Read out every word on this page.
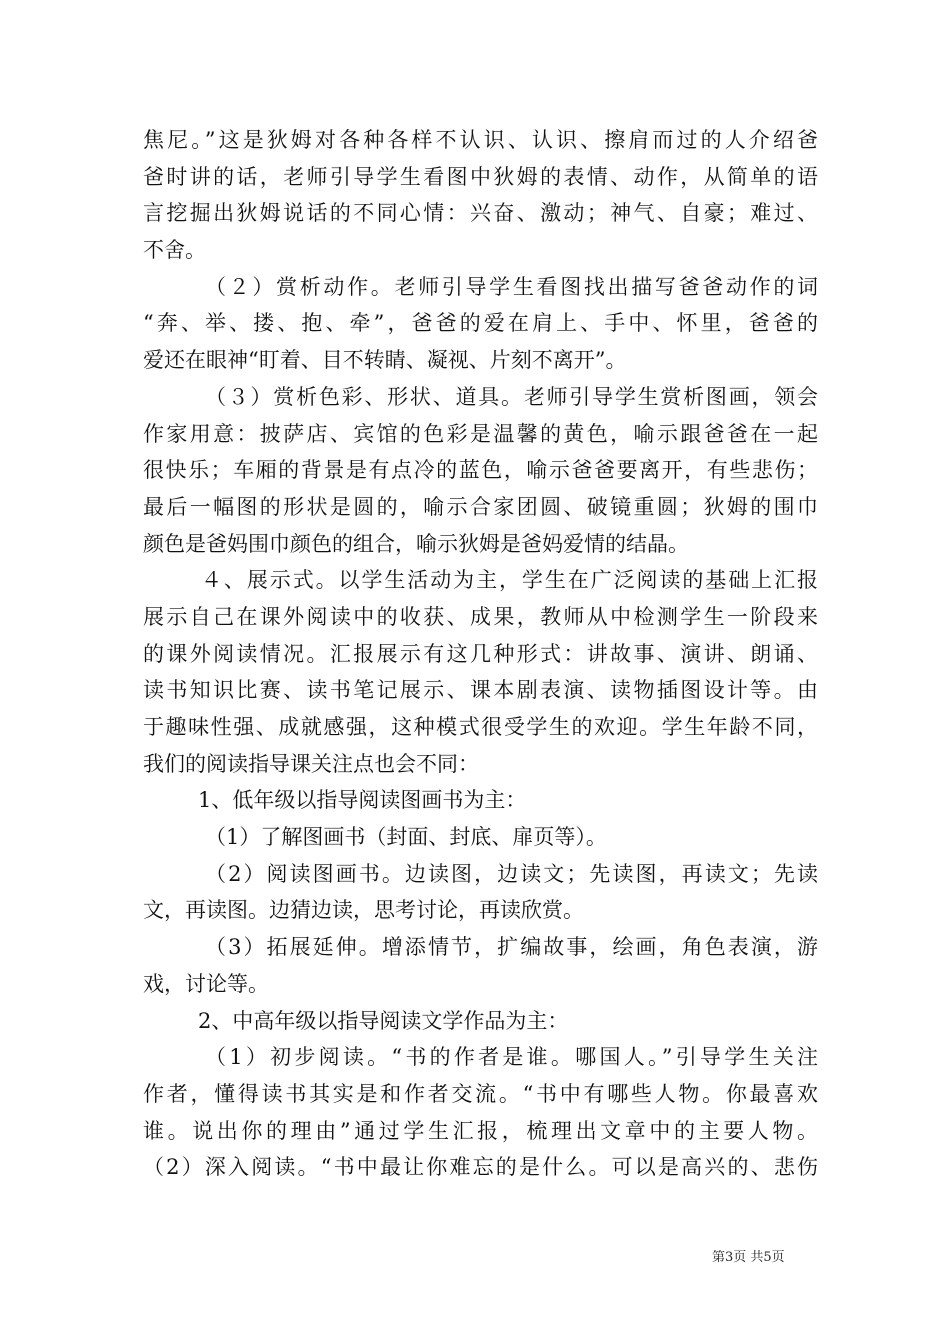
焦尼。”这是狄姆对各种各样不认识、认识、擦肩而过的人介绍爸
爸时讲的话，老师引导学生看图中狄姆的表情、动作，从简单的语
言挖掘出狄姆说话的不同心情：兴奋、激动；神气、自豪；难过、
不舍。
（２）赏析动作。老师引导学生看图找出描写爸爸动作的词
“奔、举、搂、抱、牵”，爸爸的爱在肩上、手中、怀里，爸爸的
爱还在眼神“盯着、目不转睛、凝视、片刻不离开”。
（３）赏析色彩、形状、道具。老师引导学生赏析图画，领会
作家用意：披萨店、宾馆的色彩是温馨的黄色，喻示跟爸爸在一起
很快乐；车厢的背景是有点冷的蓝色，喻示爸爸要离开，有些悲伤；
最后一幅图的形状是圆的，喻示合家团圆、破镜重圆；狄姆的围巾
颜色是爸妈围巾颜色的组合，喻示狄姆是爸妈爱情的结晶。
４、展示式。以学生活动为主，学生在广泛阅读的基础上汇报
展示自己在课外阅读中的收获、成果，教师从中检测学生一阶段来
的课外阅读情况。汇报展示有这几种形式：讲故事、演讲、朗诵、
读书知识比赛、读书笔记展示、课本剧表演、读物插图设计等。由
于趣味性强、成就感强，这种模式很受学生的欢迎。学生年龄不同，
我们的阅读指导课关注点也会不同：
1、低年级以指导阅读图画书为主：
（1）了解图画书（封面、封底、扉页等）。
（2）阅读图画书。边读图，边读文；先读图，再读文；先读
文，再读图。边猜边读，思考讨论，再读欣赏。
（3）拓展延伸。增添情节，扩编故事，绘画，角色表演，游
戏，讨论等。
2、中高年级以指导阅读文学作品为主：
（1）初步阅读。“书的作者是谁。哪国人。”引导学生关注
作者，懂得读书其实是和作者交流。“书中有哪些人物。你最喜欢
谁。说出你的理由”通过学生汇报，梳理出文章中的主要人物。
（2）深入阅读。“书中最让你难忘的是什么。可以是高兴的、悲伤
第3页 共5页
